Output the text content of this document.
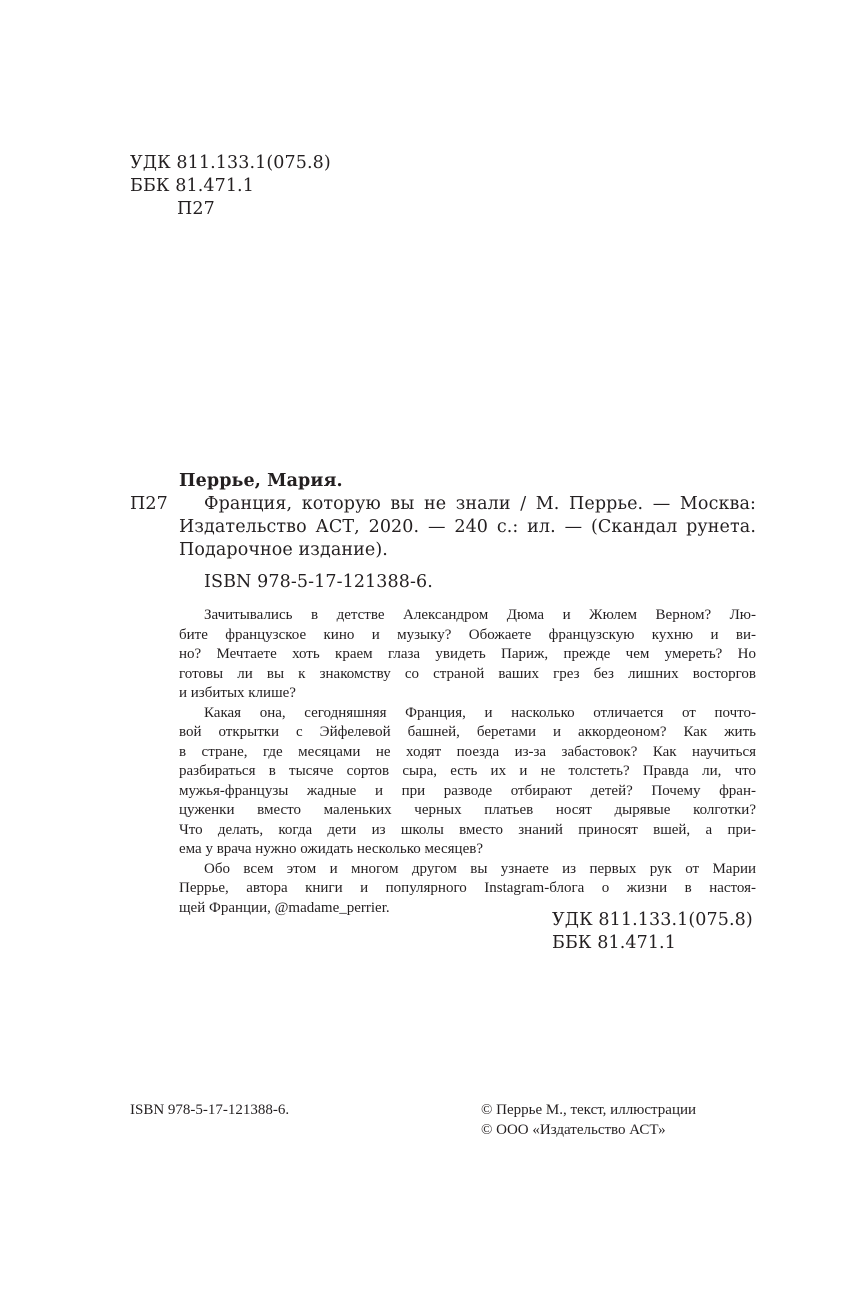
УДК 811.133.1(075.8)
ББК 81.471.1
П27
Перрье, Мария.
П27 Франция, которую вы не знали / М. Перрье. — Москва:
Издательство АСТ, 2020. — 240 с.: ил. — (Скандал рунета.
Подарочное издание).
ISBN 978-5-17-121388-6.
Зачитывались в детстве Александром Дюма и Жюлем Верном? Лю-
бите французское кино и музыку? Обожаете французскую кухню и ви-
но? Мечтаете хоть краем глаза увидеть Париж, прежде чем умереть? Но
готовы ли вы к знакомству со страной ваших грез без лишних восторгов
и избитых клише?
Какая она, сегодняшняя Франция, и насколько отличается от почто-
вой открытки с Эйфелевой башней, беретами и аккордеоном? Как жить
в стране, где месяцами не ходят поезда из-за забастовок? Как научиться
разбираться в тысяче сортов сыра, есть их и не толстеть? Правда ли, что
мужья-французы жадные и при разводе отбирают детей? Почему фран-
цуженки вместо маленьких черных платьев носят дырявые колготки?
Что делать, когда дети из школы вместо знаний приносят вшей, а при-
ема у врача нужно ожидать несколько месяцев?
Обо всем этом и многом другом вы узнаете из первых рук от Марии
Перрье, автора книги и популярного Instagram-блога о жизни в настоя-
щей Франции, @madame_perrier.
УДК 811.133.1(075.8)
ББК 81.471.1
ISBN 978-5-17-121388-6.	© Перрье М., текст, иллюстрации
© ООО «Издательство АСТ»
